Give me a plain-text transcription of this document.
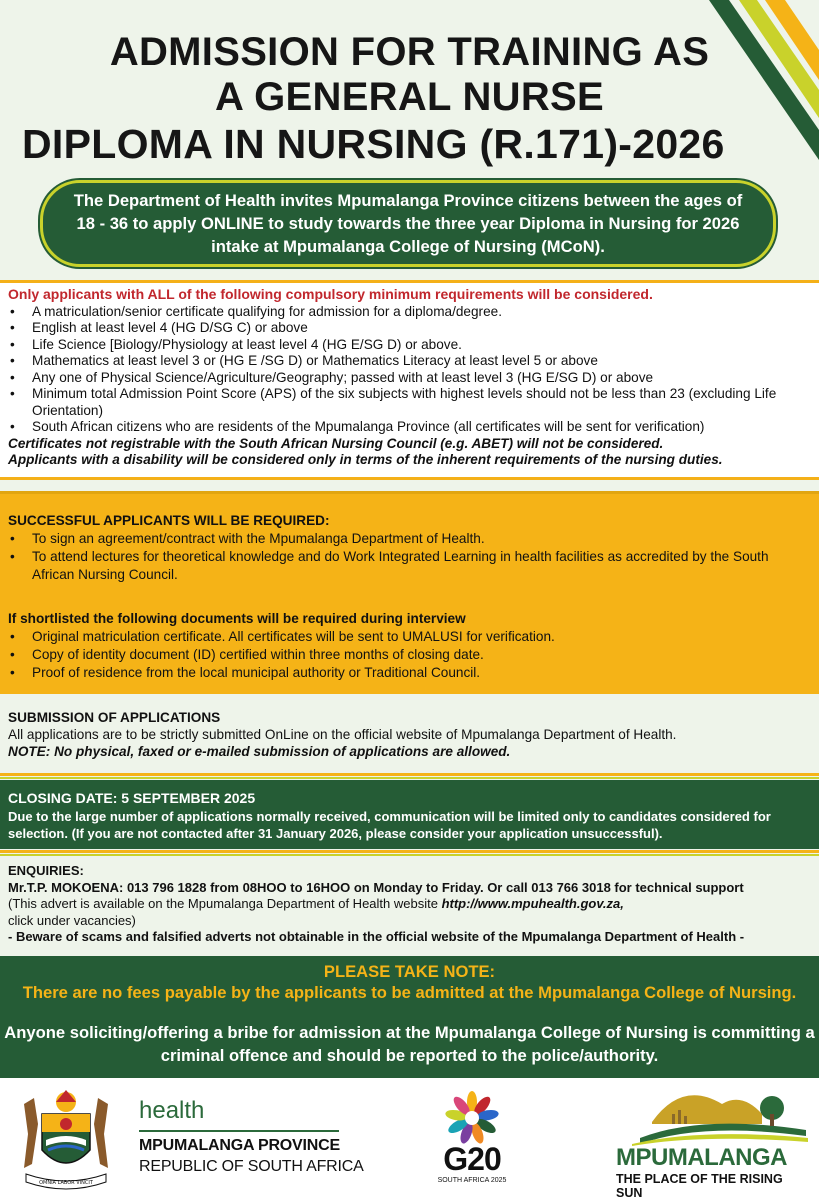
ADMISSION FOR TRAINING AS
A GENERAL NURSE
DIPLOMA IN NURSING (R.171)-2026
The Department of Health invites Mpumalanga Province citizens between the ages of 18 - 36 to apply ONLINE to study towards the three year Diploma in Nursing for 2026 intake at Mpumalanga College of Nursing (MCoN).
Only applicants with ALL of the following compulsory minimum requirements will be considered.
• A matriculation/senior certificate qualifying for admission for a diploma/degree.
• English at least level 4 (HG D/SG C) or above
• Life Science [Biology/Physiology at least level 4 (HG E/SG D) or above.
• Mathematics at least level 3 or (HG E /SG D) or Mathematics Literacy at least level 5 or above
• Any one of Physical Science/Agriculture/Geography; passed with at least level 3 (HG E/SG D) or above
• Minimum total Admission Point Score (APS) of the six subjects with highest levels should not be less than 23 (excluding Life Orientation)
• South African citizens who are residents of the Mpumalanga Province (all certificates will be sent for verification)
Certificates not registrable with the South African Nursing Council (e.g. ABET) will not be considered.
Applicants with a disability will be considered only in terms of the inherent requirements of the nursing duties.
SUCCESSFUL APPLICANTS WILL BE REQUIRED:
• To sign an agreement/contract with the Mpumalanga Department of Health.
• To attend lectures for theoretical knowledge and do Work Integrated Learning in health facilities as accredited by the South African Nursing Council.
If shortlisted the following documents will be required during interview
• Original matriculation certificate. All certificates will be sent to UMALUSI for verification.
• Copy of identity document (ID) certified within three months of closing date.
• Proof of residence from the local municipal authority or Traditional Council.
SUBMISSION OF APPLICATIONS
All applications are to be strictly submitted OnLine on the official website of Mpumalanga Department of Health.
NOTE: No physical, faxed or e-mailed submission of applications are allowed.
CLOSING DATE: 5 SEPTEMBER 2025
Due to the large number of applications normally received, communication will be limited only to candidates considered for selection. (If you are not contacted after 31 January 2026, please consider your application unsuccessful).
ENQUIRIES:
Mr.T.P. MOKOENA: 013 796 1828 from 08HOO to 16HOO on Monday to Friday. Or call 013 766 3018 for technical support
(This advert is available on the Mpumalanga Department of Health website http://www.mpuhealth.gov.za,
click under vacancies)
- Beware of scams and falsified adverts not obtainable in the official website of the Mpumalanga Department of Health -
PLEASE TAKE NOTE:
There are no fees payable by the applicants to be admitted at the Mpumalanga College of Nursing.
Anyone soliciting/offering a bribe for admission at the Mpumalanga College of Nursing is committing a criminal offence and should be reported to the police/authority.
OMNIA LABOR VINCIT
health
MPUMALANGA PROVINCE
REPUBLIC OF SOUTH AFRICA	G20
SOUTH AFRICA 2025
MPUMALANGA
THE PLACE OF THE RISING SUN
